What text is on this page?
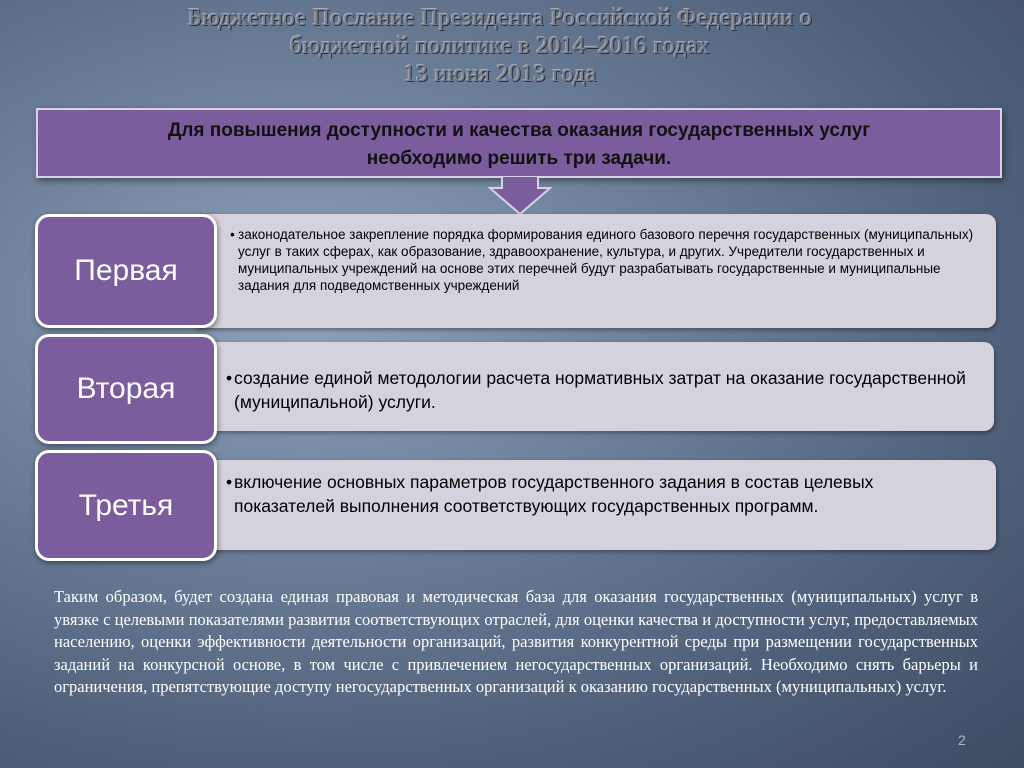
Бюджетное Послание Президента Российской Федерации о
бюджетной политике в 2014–2016 годах
13 июня 2013 года
Для повышения доступности и качества оказания государственных услуг
необходимо решить три задачи.
Первая
• законодательное закрепление порядка формирования единого базового перечня государственных (муниципальных) услуг в таких сферах, как образование, здравоохранение, культура, и других. Учредители государственных и муниципальных учреждений на основе этих перечней будут разрабатывать государственные и муниципальные задания для подведомственных учреждений
Вторая	• создание единой методологии расчета нормативных затрат на оказание государственной (муниципальной) услуги.
Третья
• включение основных параметров государственного задания в состав целевых показателей выполнения соответствующих государственных программ.
Таким образом, будет создана единая правовая и методическая база для оказания государственных (муниципальных) услуг в увязке с целевыми показателями развития соответствующих отраслей, для оценки качества и доступности услуг, предоставляемых населению, оценки эффективности деятельности организаций, развития конкурентной среды при размещении государственных заданий на конкурсной основе, в том числе с привлечением негосударственных организаций. Необходимо снять барьеры и ограничения, препятствующие доступу негосударственных организаций к оказанию государственных (муниципальных) услуг.
2
